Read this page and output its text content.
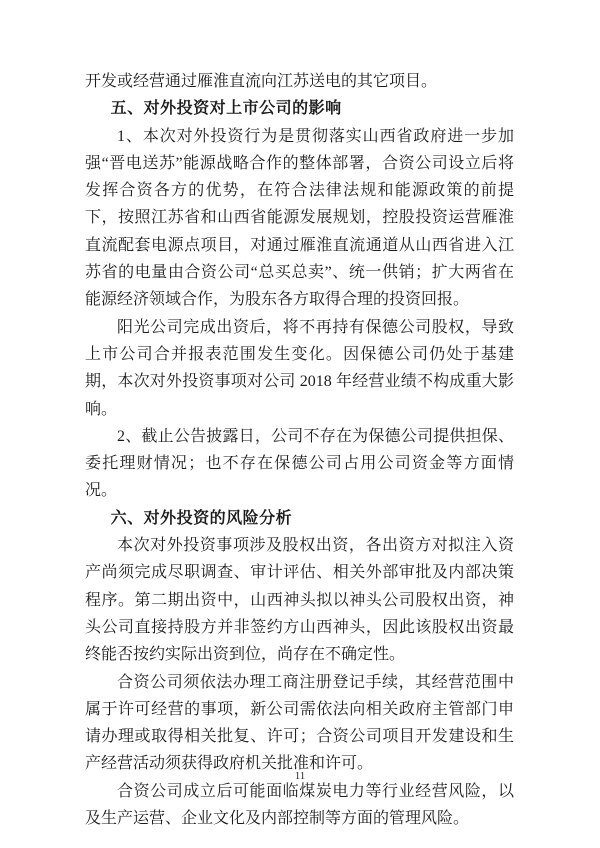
开发或经营通过雁淮直流向江苏送电的其它项目。

五、对外投资对上市公司的影响

1、本次对外投资行为是贯彻落实山西省政府进一步加强“晋电送苏”能源战略合作的整体部署，合资公司设立后将发挥合资各方的优势，在符合法律法规和能源政策的前提下，按照江苏省和山西省能源发展规划，控股投资运营雁淮直流配套电源点项目，对通过雁淮直流通道从山西省进入江苏省的电量由合资公司“总买总卖”、统一供销；扩大两省在能源经济领域合作，为股东各方取得合理的投资回报。

阳光公司完成出资后，将不再持有保德公司股权，导致上市公司合并报表范围发生变化。因保德公司仍处于基建期，本次对外投资事项对公司 2018 年经营业绩不构成重大影响。

2、截止公告披露日，公司不存在为保德公司提供担保、委托理财情况；也不存在保德公司占用公司资金等方面情况。

六、对外投资的风险分析

本次对外投资事项涉及股权出资，各出资方对拟注入资产尚须完成尽职调查、审计评估、相关外部审批及内部决策程序。第二期出资中，山西神头拟以神头公司股权出资，神头公司直接持股方并非签约方山西神头，因此该股权出资最终能否按约实际出资到位，尚存在不确定性。

合资公司须依法办理工商注册登记手续，其经营范围中属于许可经营的事项，新公司需依法向相关政府主管部门申请办理或取得相关批复、许可；合资公司项目开发建设和生产经营活动须获得政府机关批准和许可。

合资公司成立后可能面临煤炭电力等行业经营风险，以及生产运营、企业文化及内部控制等方面的管理风险。

11
